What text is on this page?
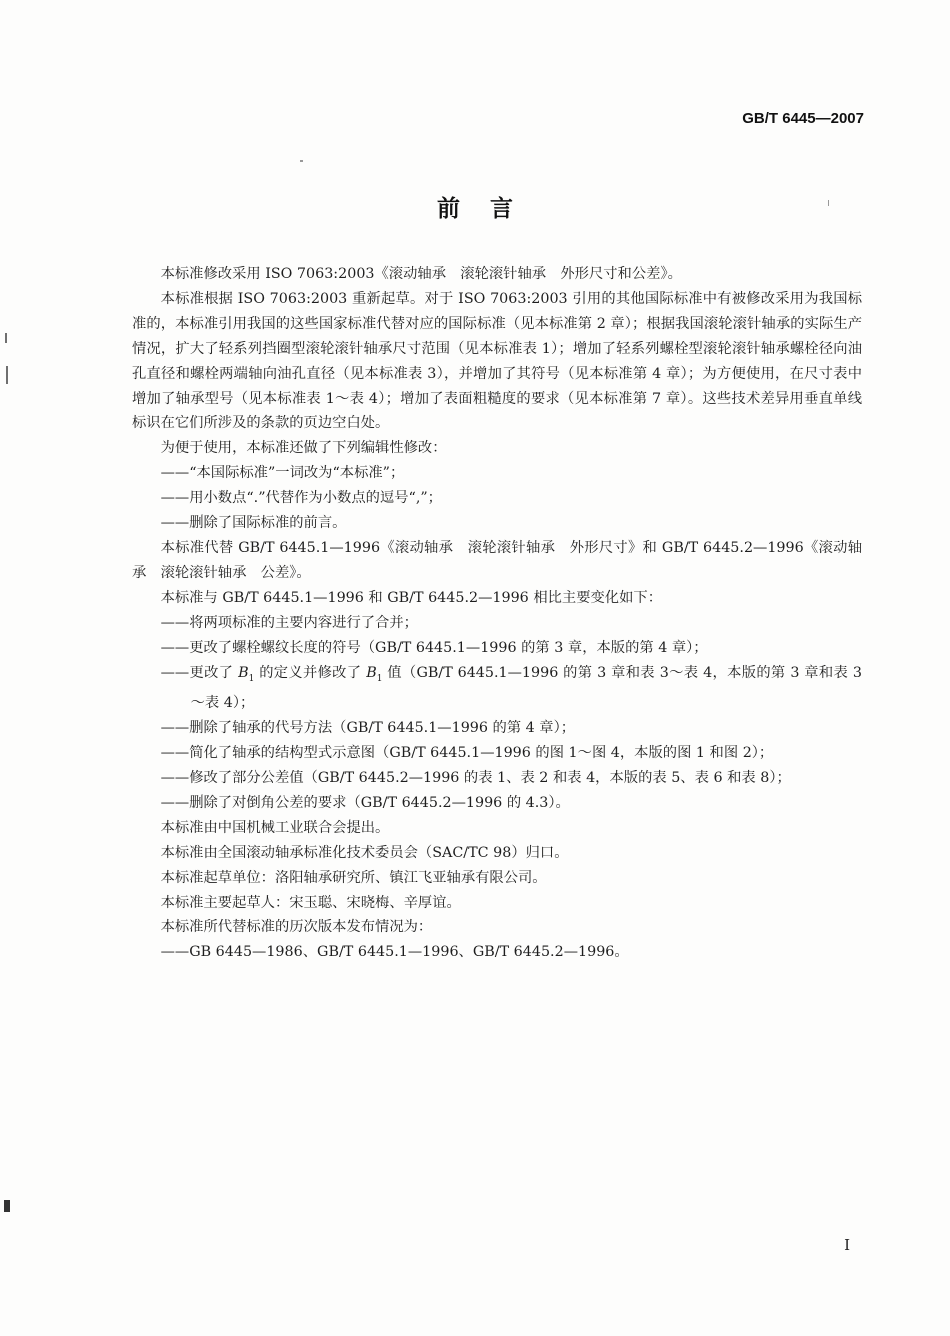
GB/T 6445—2007
前言

本标准修改采用 ISO 7063:2003《滚动轴承　滚轮滚针轴承　外形尺寸和公差》。

本标准根据 ISO 7063:2003 重新起草。对于 ISO 7063:2003 引用的其他国际标准中有被修改采用为我国标准的，本标准引用我国的这些国家标准代替对应的国际标准（见本标准第 2 章）；根据我国滚轮滚针轴承的实际生产情况，扩大了轻系列挡圈型滚轮滚针轴承尺寸范围（见本标准表 1）；增加了轻系列螺栓型滚轮滚针轴承螺栓径向油孔直径和螺栓两端轴向油孔直径（见本标准表 3），并增加了其符号（见本标准第 4 章）；为方便使用，在尺寸表中增加了轴承型号（见本标准表 1～表 4）；增加了表面粗糙度的要求（见本标准第 7 章）。这些技术差异用垂直单线标识在它们所涉及的条款的页边空白处。

为便于使用，本标准还做了下列编辑性修改：

——“本国际标准”一词改为“本标准”；

——用小数点“.”代替作为小数点的逗号“,”；

——删除了国际标准的前言。

本标准代替 GB/T 6445.1—1996《滚动轴承　滚轮滚针轴承　外形尺寸》和 GB/T 6445.2—1996《滚动轴承　滚轮滚针轴承　公差》。

本标准与 GB/T 6445.1—1996 和 GB/T 6445.2—1996 相比主要变化如下：

——将两项标准的主要内容进行了合并；

——更改了螺栓螺纹长度的符号（GB/T 6445.1—1996 的第 3 章，本版的第 4 章）；

——更改了 $B_1$ 的定义并修改了 $B_1$ 值（GB/T 6445.1—1996 的第 3 章和表 3～表 4，本版的第 3 章和表 3～表 4）；

——删除了轴承的代号方法（GB/T 6445.1—1996 的第 4 章）；

——简化了轴承的结构型式示意图（GB/T 6445.1—1996 的图 1～图 4，本版的图 1 和图 2）；

——修改了部分公差值（GB/T 6445.2—1996 的表 1、表 2 和表 4，本版的表 5、表 6 和表 8）；

——删除了对倒角公差的要求（GB/T 6445.2—1996 的 4.3）。

本标准由中国机械工业联合会提出。

本标准由全国滚动轴承标准化技术委员会（SAC/TC 98）归口。

本标准起草单位：洛阳轴承研究所、镇江飞亚轴承有限公司。

本标准主要起草人：宋玉聪、宋晓梅、辛厚谊。

本标准所代替标准的历次版本发布情况为：

——GB 6445—1986、GB/T 6445.1—1996、GB/T 6445.2—1996。

I
